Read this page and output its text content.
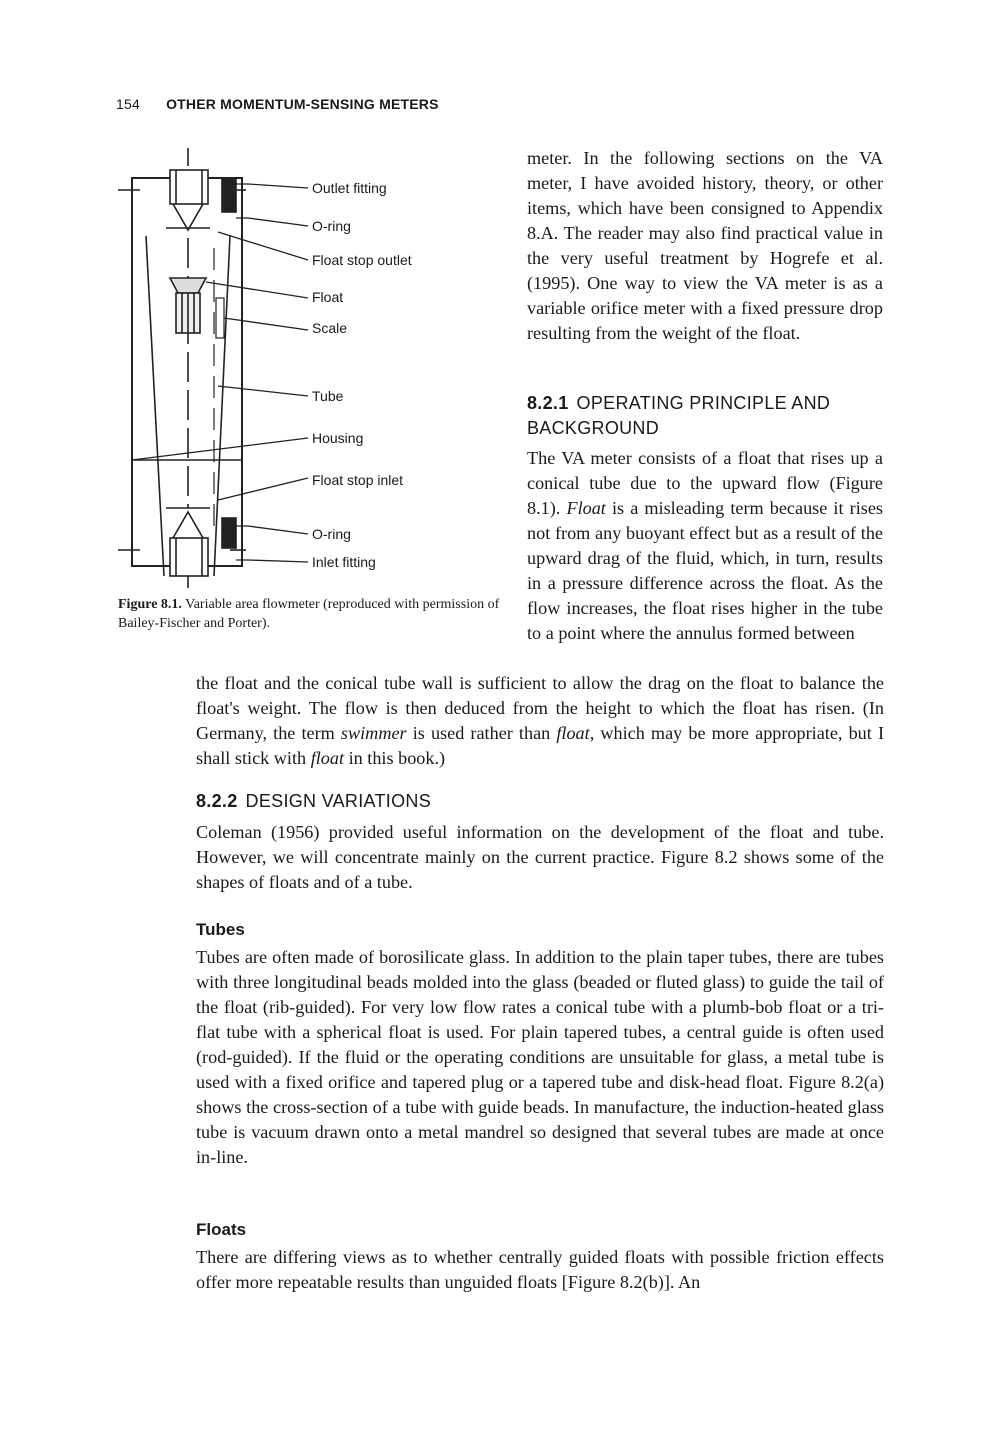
154 OTHER MOMENTUM-SENSING METERS
Outlet fitting
O-ring
Float stop outlet
Float
Scale
Tube
Housing
Float stop inlet
O-ring
Inlet fitting
Figure 8.1. Variable area flowmeter (reproduced with permission of Bailey-Fischer and Porter).

meter. In the following sections on the VA meter, I have avoided history, theory, or other items, which have been consigned to Appendix 8.A. The reader may also find practical value in the very useful treatment by Hogrefe et al. (1995). One way to view the VA meter is as a variable orifice meter with a fixed pressure drop resulting from the weight of the float.

8.2.1 OPERATING PRINCIPLE AND
BACKGROUND

The VA meter consists of a float that rises up a conical tube due to the upward flow (Figure 8.1). Float is a misleading term because it rises not from any buoyant effect but as a result of the upward drag of the fluid, which, in turn, results in a pressure difference across the float. As the flow increases, the float rises higher in the tube to a point where the annulus formed between

the float and the conical tube wall is sufficient to allow the drag on the float to balance the float's weight. The flow is then deduced from the height to which the float has risen. (In Germany, the term swimmer is used rather than float, which may be more appropriate, but I shall stick with float in this book.)

8.2.2 DESIGN VARIATIONS

Coleman (1956) provided useful information on the development of the float and tube. However, we will concentrate mainly on the current practice. Figure 8.2 shows some of the shapes of floats and of a tube.

Tubes

Tubes are often made of borosilicate glass. In addition to the plain taper tubes, there are tubes with three longitudinal beads molded into the glass (beaded or fluted glass) to guide the tail of the float (rib-guided). For very low flow rates a conical tube with a plumb-bob float or a tri-flat tube with a spherical float is used. For plain tapered tubes, a central guide is often used (rod-guided). If the fluid or the operating conditions are unsuitable for glass, a metal tube is used with a fixed orifice and tapered plug or a tapered tube and disk-head float. Figure 8.2(a) shows the cross-section of a tube with guide beads. In manufacture, the induction-heated glass tube is vacuum drawn onto a metal mandrel so designed that several tubes are made at once in-line.

Floats

There are differing views as to whether centrally guided floats with possible friction effects offer more repeatable results than unguided floats [Figure 8.2(b)]. An
